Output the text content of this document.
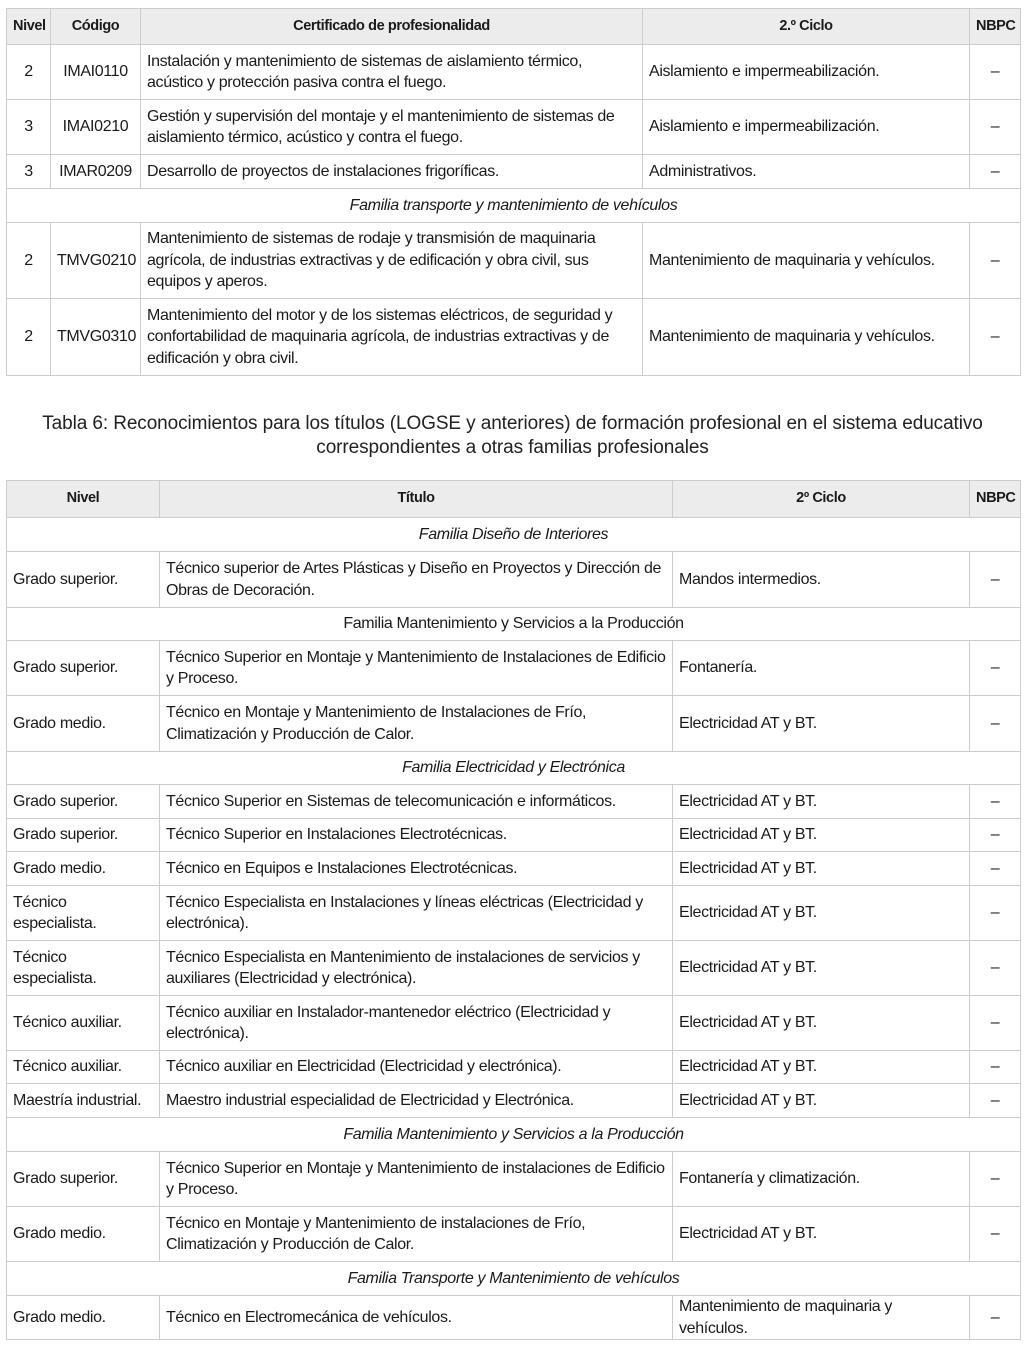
Nivel	Código	Certificado de profesionalidad	2.º Ciclo	NBPC
2	IMAI0110	Instalación y mantenimiento de sistemas de aislamiento térmico, acústico y protección pasiva contra el fuego.	Aislamiento e impermeabilización.	–
3	IMAI0210	Gestión y supervisión del montaje y el mantenimiento de sistemas de aislamiento térmico, acústico y contra el fuego.	Aislamiento e impermeabilización.	–
3	IMAR0209	Desarrollo de proyectos de instalaciones frigoríficas.	Administrativos.	–
Familia transporte y mantenimiento de vehículos				
2	TMVG0210	Mantenimiento de sistemas de rodaje y transmisión de maquinaria agrícola, de industrias extractivas y de edificación y obra civil, sus equipos y aperos.	Mantenimiento de maquinaria y vehículos.	–
2	TMVG0310	Mantenimiento del motor y de los sistemas eléctricos, de seguridad y confortabilidad de maquinaria agrícola, de industrias extractivas y de edificación y obra civil.	Mantenimiento de maquinaria y vehículos.	–
Tabla 6: Reconocimientos para los títulos (LOGSE y anteriores) de formación profesional en el sistema educativo
correspondientes a otras familias profesionales
Nivel	Título	2º Ciclo	NBPC
Familia Diseño de Interiores			
Grado superior.	Técnico superior de Artes Plásticas y Diseño en Proyectos y Dirección de Obras de Decoración.	Mandos intermedios.	–
Familia Mantenimiento y Servicios a la Producción			
Grado superior.	Técnico Superior en Montaje y Mantenimiento de Instalaciones de Edificio y Proceso.	Fontanería.	–
Grado medio.	Técnico en Montaje y Mantenimiento de Instalaciones de Frío, Climatización y Producción de Calor.	Electricidad AT y BT.	–
Familia Electricidad y Electrónica			
Grado superior.	Técnico Superior en Sistemas de telecomunicación e informáticos.	Electricidad AT y BT.	–
Grado superior.	Técnico Superior en Instalaciones Electrotécnicas.	Electricidad AT y BT.	–
Grado medio.	Técnico en Equipos e Instalaciones Electrotécnicas.	Electricidad AT y BT.	–
Técnico especialista.	Técnico Especialista en Instalaciones y líneas eléctricas (Electricidad y electrónica).	Electricidad AT y BT.	–
Técnico especialista.	Técnico Especialista en Mantenimiento de instalaciones de servicios y auxiliares (Electricidad y electrónica).	Electricidad AT y BT.	–
Técnico auxiliar.	Técnico auxiliar en Instalador-mantenedor eléctrico (Electricidad y electrónica).	Electricidad AT y BT.	–
Técnico auxiliar.	Técnico auxiliar en Electricidad (Electricidad y electrónica).	Electricidad AT y BT.	–
Maestría industrial.	Maestro industrial especialidad de Electricidad y Electrónica.	Electricidad AT y BT.	–
Familia Mantenimiento y Servicios a la Producción			
Grado superior.	Técnico Superior en Montaje y Mantenimiento de instalaciones de Edificio y Proceso.	Fontanería y climatización.	–
Grado medio.	Técnico en Montaje y Mantenimiento de instalaciones de Frío, Climatización y Producción de Calor.	Electricidad AT y BT.	–
Familia Transporte y Mantenimiento de vehículos			
Grado medio.	Técnico en Electromecánica de vehículos.	Mantenimiento de maquinaria y vehículos.	–
